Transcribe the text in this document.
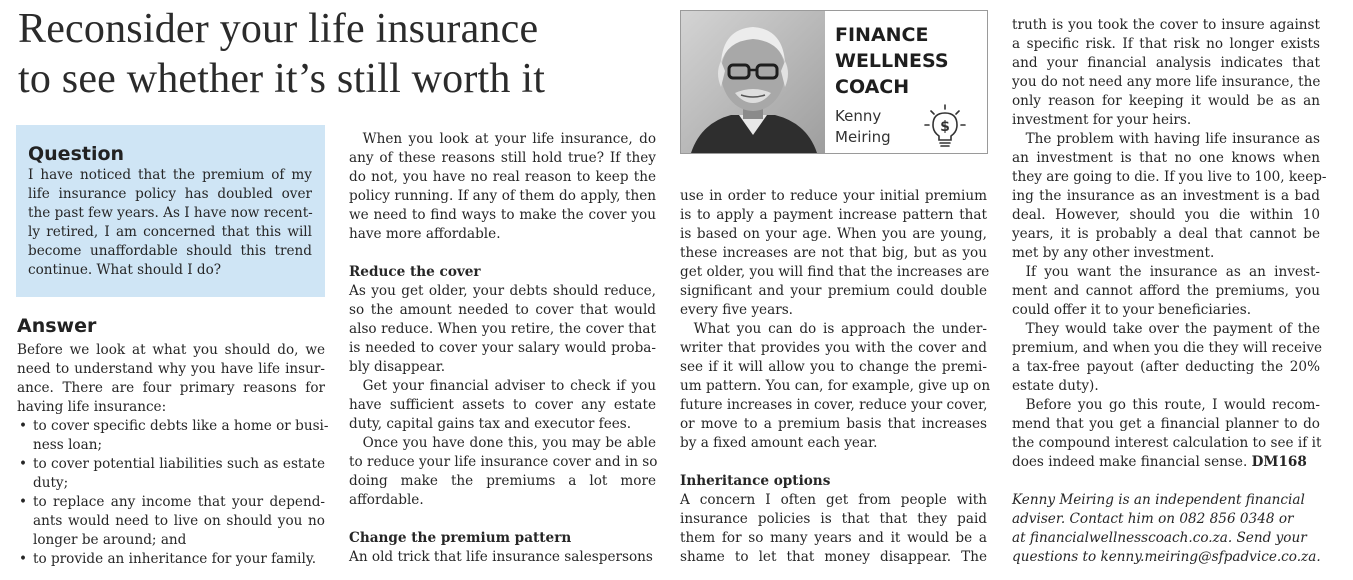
Reconsider your life insurance
to see whether it’s still worth it
Question
I have noticed that the premium of my
life insurance policy has doubled over
the past few years. As I have now recent-
ly retired, I am concerned that this will
become unaffordable should this trend
continue. What should I do?
Answer
Before we look at what you should do, we
need to understand why you have life insur-
ance. There are four primary reasons for
having life insurance:
• to cover specific debts like a home or busi-
ness loan;
• to cover potential liabilities such as estate
duty;
• to replace any income that your depend-
ants would need to live on should you no
longer be around; and
• to provide an inheritance for your family.
 When you look at your life insurance, do
any of these reasons still hold true? If they
do not, you have no real reason to keep the
policy running. If any of them do apply, then
we need to find ways to make the cover you
have more affordable.
Reduce the cover
As you get older, your debts should reduce,
so the amount needed to cover that would
also reduce. When you retire, the cover that
is needed to cover your salary would proba-
bly disappear.
 Get your financial adviser to check if you
have sufficient assets to cover any estate
duty, capital gains tax and executor fees.
 Once you have done this, you may be able
to reduce your life insurance cover and in so
doing make the premiums a lot more
affordable.
Change the premium pattern
An old trick that life insurance salespersons
FINANCE
WELLNESS
COACH
Kenny
Meiring
$
use in order to reduce your initial premium
is to apply a payment increase pattern that
is based on your age. When you are young,
these increases are not that big, but as you
get older, you will find that the increases are
significant and your premium could double
every five years.
 What you can do is approach the under-
writer that provides you with the cover and
see if it will allow you to change the premi-
um pattern. You can, for example, give up on
future increases in cover, reduce your cover,
or move to a premium basis that increases
by a fixed amount each year.
Inheritance options
A concern I often get from people with
insurance policies is that that they paid
them for so many years and it would be a
shame to let that money disappear. The
truth is you took the cover to insure against
a specific risk. If that risk no longer exists
and your financial analysis indicates that
you do not need any more life insurance, the
only reason for keeping it would be as an
investment for your heirs.
 The problem with having life insurance as
an investment is that no one knows when
they are going to die. If you live to 100, keep-
ing the insurance as an investment is a bad
deal. However, should you die within 10
years, it is probably a deal that cannot be
met by any other investment.
 If you want the insurance as an invest-
ment and cannot afford the premiums, you
could offer it to your beneficiaries.
 They would take over the payment of the
premium, and when you die they will receive
a tax-free payout (after deducting the 20%
estate duty).
 Before you go this route, I would recom-
mend that you get a financial planner to do
the compound interest calculation to see if it
does indeed make financial sense. DM168
Kenny Meiring is an independent financial
adviser. Contact him on 082 856 0348 or
at financialwellnesscoach.co.za. Send your
questions to kenny.meiring@sfpadvice.co.za.
